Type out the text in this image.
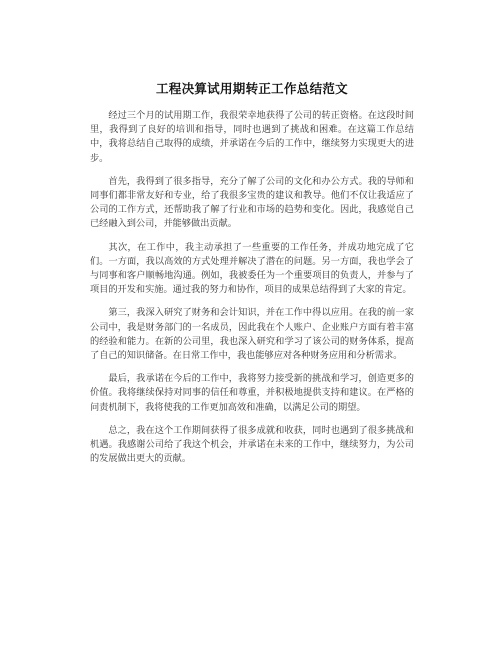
工程决算试用期转正工作总结范文

经过三个月的试用期工作，我很荣幸地获得了公司的转正资格。在这段时间里，我得到了良好的培训和指导，同时也遇到了挑战和困难。在这篇工作总结中，我将总结自己取得的成绩，并承诺在今后的工作中，继续努力实现更大的进步。

首先，我得到了很多指导，充分了解了公司的文化和办公方式。我的导师和同事们都非常友好和专业，给了我很多宝贵的建议和教导。他们不仅让我适应了公司的工作方式，还帮助我了解了行业和市场的趋势和变化。因此，我感觉自己已经融入到公司，并能够做出贡献。

其次，在工作中，我主动承担了一些重要的工作任务，并成功地完成了它们。一方面，我以高效的方式处理并解决了潜在的问题。另一方面，我也学会了与同事和客户顺畅地沟通。例如，我被委任为一个重要项目的负责人，并参与了项目的开发和实施。通过我的努力和协作，项目的成果总结得到了大家的肯定。

第三，我深入研究了财务和会计知识，并在工作中得以应用。在我的前一家公司中，我是财务部门的一名成员，因此我在个人账户、企业账户方面有着丰富的经验和能力。在新的公司里，我也深入研究和学习了该公司的财务体系，提高了自己的知识储备。在日常工作中，我也能够应对各种财务应用和分析需求。

最后，我承诺在今后的工作中，我将努力接受新的挑战和学习，创造更多的价值。我将继续保持对同事的信任和尊重，并积极地提供支持和建议。在严格的问责机制下，我将使我的工作更加高效和准确，以满足公司的期望。

总之，我在这个工作期间获得了很多成就和收获，同时也遇到了很多挑战和机遇。我感谢公司给了我这个机会，并承诺在未来的工作中，继续努力，为公司的发展做出更大的贡献。
